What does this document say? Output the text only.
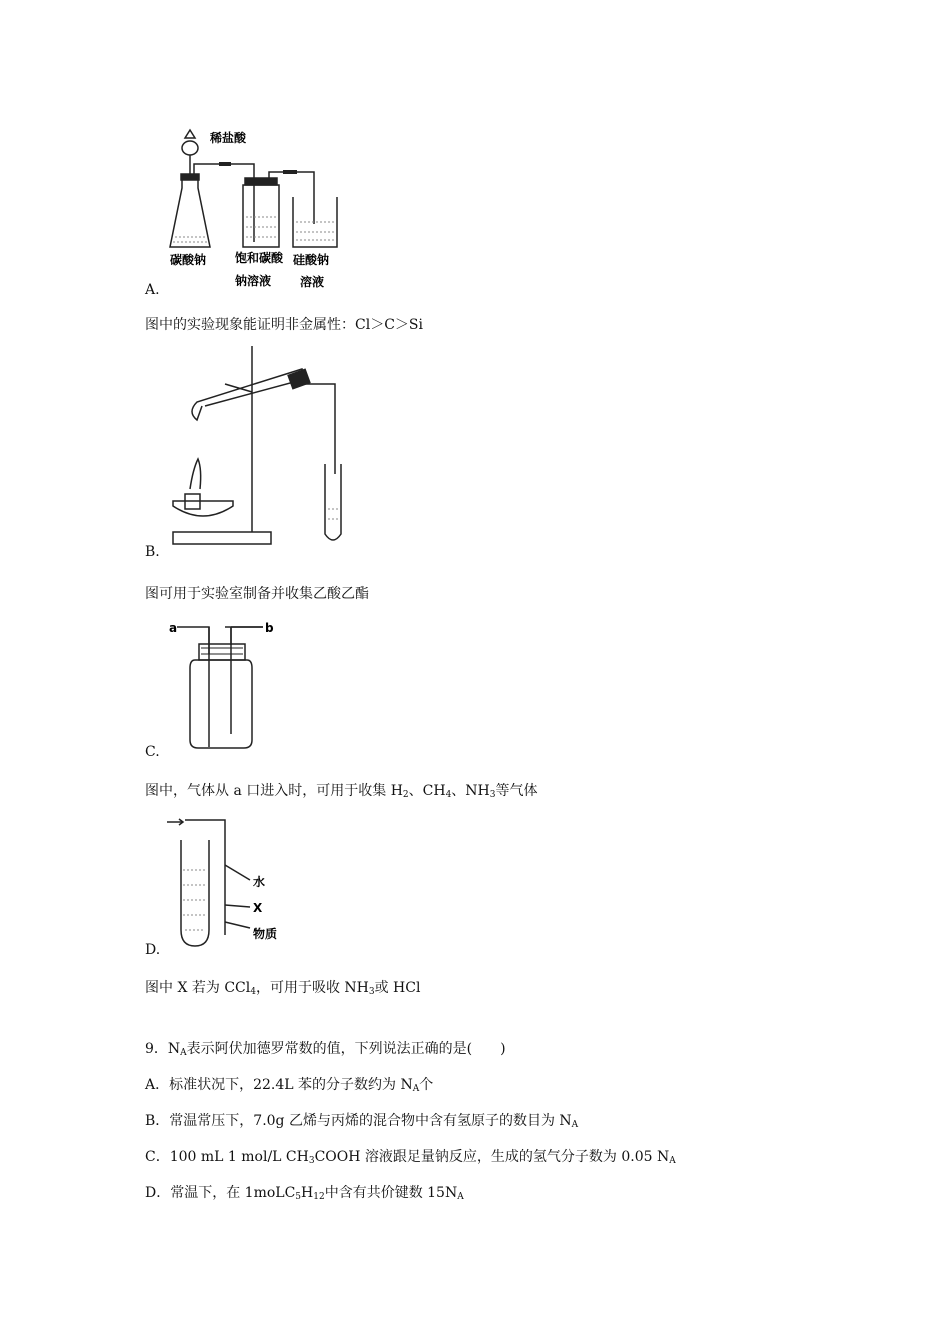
稀盐酸
碳酸钠 饱和碳酸
钠溶液
硅酸钠
溶液
A.
图中的实验现象能证明非金属性：Cl＞C＞Si
B.
图可用于实验室制备并收集乙酸乙酯
a	b
C.
图中，气体从 a 口进入时，可用于收集 $H_2$、$CH_4$、$NH_3$等气体
水
X
物质
D.
图中 X 若为 CCl$_4$，可用于吸收 $NH_3$或 HCl
9．$N_A$表示阿伏加德罗常数的值，下列说法正确的是(　　)
A．标准状况下，22.4L 苯的分子数约为 $N_A$个
B．常温常压下，7.0g 乙烯与丙烯的混合物中含有氢原子的数目为 $N_A$
C．100 mL 1 mol/L $CH_3COOH$ 溶液跟足量钠反应，生成的氢气分子数为 0.05 $N_A$
D．常温下，在 $1moLC_5H_{12}$中含有共价键数 $15N_A$
